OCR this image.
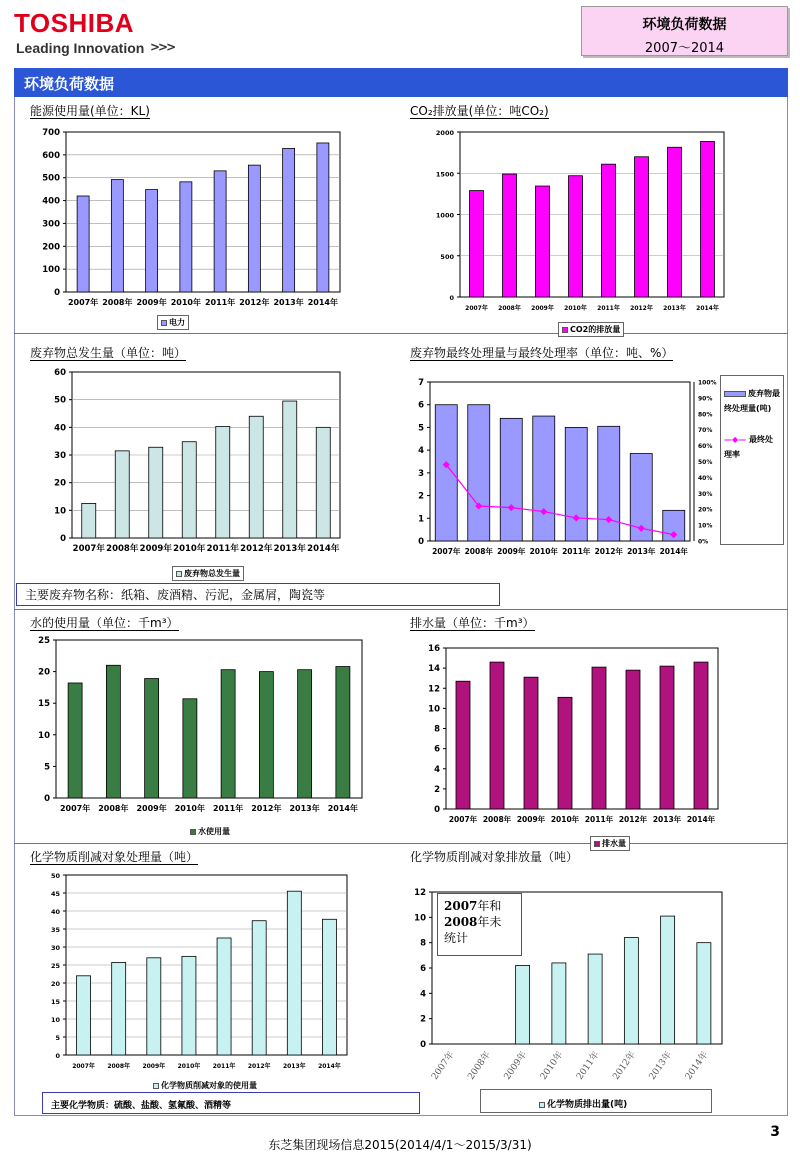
TOSHIBA
Leading Innovation >>>
环境负荷数据
2007～2014
环境负荷数据
能源使用量(单位：KL)	CO₂排放量(单位：吨CO₂)
废弃物总发生量（单位：吨）	废弃物最终处理量与最终处理率（单位：吨、%）
水的使用量（单位：千m³）	排水量（单位：千m³）
化学物质削减对象处理量（吨）	化学物质削减对象排放量（吨）
0
100
200
300
400
500
600
700
2007年 2008年 2009年 2010年 2011年 2012年 2013年 2014年	0
500
1000
1500
2000
2007年 2008年 2009年 2010年 2011年 2012年 2013年 2014年
0
10
20
30
40
50
60
2007年 2008年 2009年 2010年 2011年 2012年 2013年 2014年
0
1
2
3
4
5
6
7
2007年 2008年 2009年 2010年 2011年 2012年 2013年 2014年
0%
10%
20%
30%
40%
50%
60%
70%
80%
90%
100%
0
5
10
15
20
25
2007年 2008年 2009年 2010年 2011年 2012年 2013年 2014年	0
2
4
6
8
10
12
14
16
2007年 2008年 2009年 2010年 2011年 2012年 2013年 2014年
0
5
10
15
20
25
30
35
40
45
50
2007年 2008年 2009年 2010年 2011年 2012年 2013年 2014年
0
2
4
6
8
10
12
2007年 2008年 2009年 2010年 2011年 2012年 2013年 2014年
电力
CO2的排放量
废弃物总发生量
废弃物最终处理量(吨)
—◆— 最终处理率
水使用量
排水量
化学物质削减对象的使用量
化学物质排出量(吨)
主要废弃物名称：纸箱、废酒精、污泥，金属屑，陶瓷等
主要化学物质：硫酸、盐酸、氢氟酸、酒精等
2007年和
2008年未
统计
3
东芝集团现场信息2015(2014/4/1～2015/3/31)
